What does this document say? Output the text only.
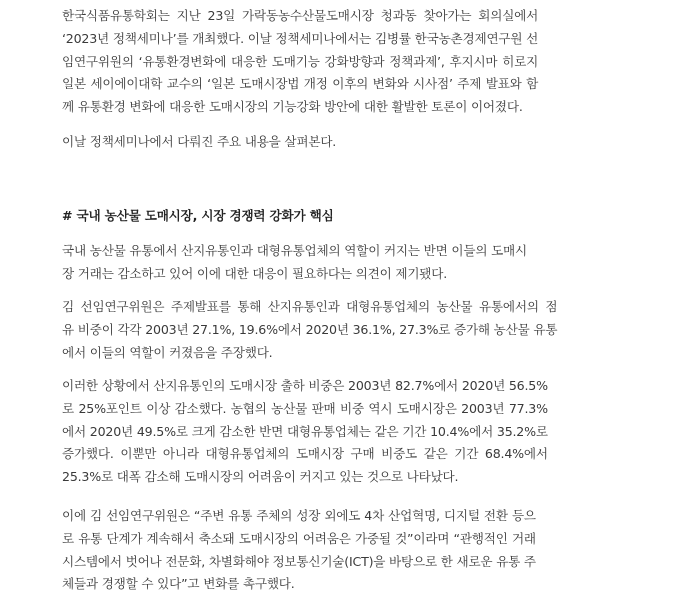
한국식품유통학회는 지난 23일 가락동농수산물도매시장 청과동 찾아가는 회의실에서
‘2023년 정책세미나’를 개최했다. 이날 정책세미나에서는 김병률 한국농촌경제연구원 선
임연구위원의 ‘유통환경변화에 대응한 도매기능 강화방향과 정책과제’, 후지시마 히로지
일본 세이에이대학 교수의 ‘일본 도매시장법 개정 이후의 변화와 시사점’ 주제 발표와 함
께 유통환경 변화에 대응한 도매시장의 기능강화 방안에 대한 활발한 토론이 이어졌다.

이날 정책세미나에서 다뤄진 주요 내용을 살펴본다.

# 국내 농산물 도매시장, 시장 경쟁력 강화가 핵심

국내 농산물 유통에서 산지유통인과 대형유통업체의 역할이 커지는 반면 이들의 도매시
장 거래는 감소하고 있어 이에 대한 대응이 필요하다는 의견이 제기됐다.

김 선임연구위원은 주제발표를 통해 산지유통인과 대형유통업체의 농산물 유통에서의 점
유 비중이 각각 2003년 27.1%, 19.6%에서 2020년 36.1%, 27.3%로 증가해 농산물 유통
에서 이들의 역할이 커졌음을 주장했다.

이러한 상황에서 산지유통인의 도매시장 출하 비중은 2003년 82.7%에서 2020년 56.5%
로 25%포인트 이상 감소했다. 농협의 농산물 판매 비중 역시 도매시장은 2003년 77.3%
에서 2020년 49.5%로 크게 감소한 반면 대형유통업체는 같은 기간 10.4%에서 35.2%로
증가했다. 이뿐만 아니라 대형유통업체의 도매시장 구매 비중도 같은 기간 68.4%에서
25.3%로 대폭 감소해 도매시장의 어려움이 커지고 있는 것으로 나타났다.

이에 김 선임연구위원은 “주변 유통 주체의 성장 외에도 4차 산업혁명, 디지털 전환 등으
로 유통 단계가 계속해서 축소돼 도매시장의 어려움은 가중될 것”이라며 “관행적인 거래
시스템에서 벗어나 전문화, 차별화해야 정보통신기술(ICT)을 바탕으로 한 새로운 유통 주
체들과 경쟁할 수 있다”고 변화를 촉구했다.
